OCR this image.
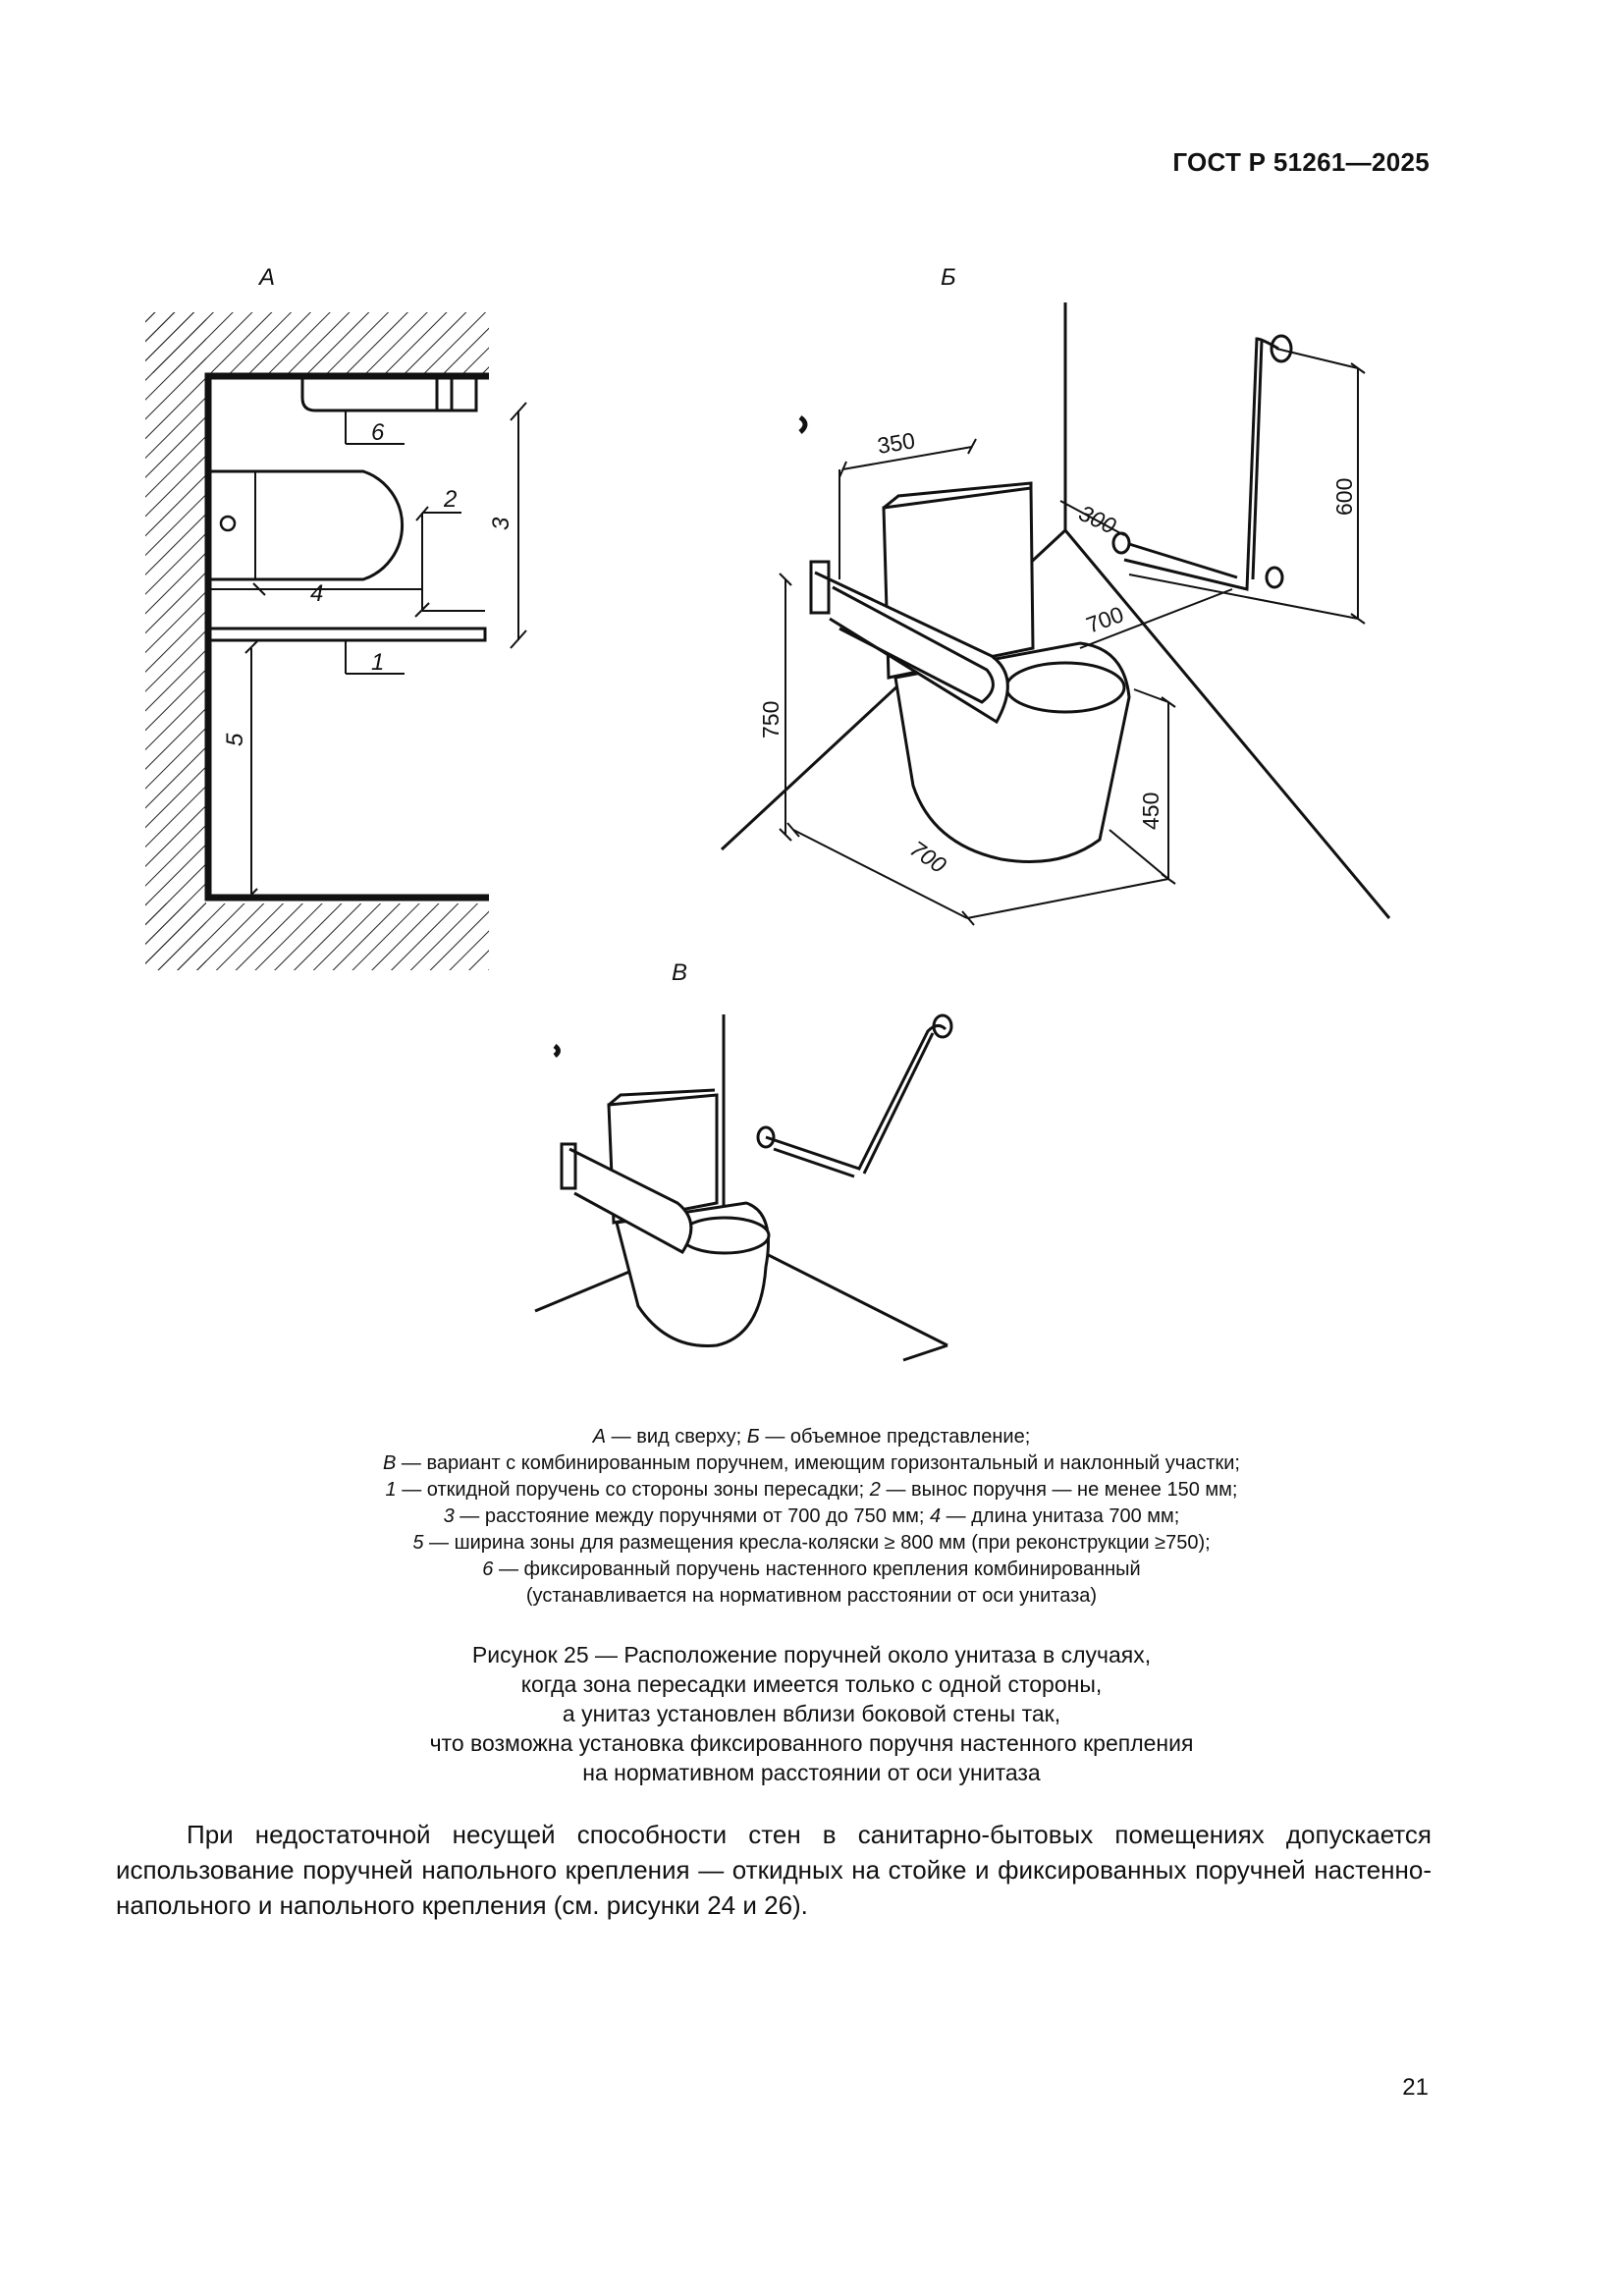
ГОСТ Р 51261—2025
А
6
2
3
4
1
5
Б
350
300
600
700
750
700
450
В
А — вид сверху; Б — объемное представление;
В — вариант с комбинированным поручнем, имеющим горизонтальный и наклонный участки;
1 — откидной поручень со стороны зоны пересадки; 2 — вынос поручня — не менее 150 мм;
3 — расстояние между поручнями от 700 до 750 мм; 4 — длина унитаза 700 мм;
5 — ширина зоны для размещения кресла-коляски ≥ 800 мм (при реконструкции ≥750);
6 — фиксированный поручень настенного крепления комбинированный
(устанавливается на нормативном расстоянии от оси унитаза)
Рисунок 25 — Расположение поручней около унитаза в случаях,
когда зона пересадки имеется только с одной стороны,
а унитаз установлен вблизи боковой стены так,
что возможна установка фиксированного поручня настенного крепления
на нормативном расстоянии от оси унитаза

При недостаточной несущей способности стен в санитарно-бытовых помещениях допускается использование поручней напольного крепления — откидных на стойке и фиксированных поручней настенно-напольного и напольного крепления (см. рисунки 24 и 26).

21
